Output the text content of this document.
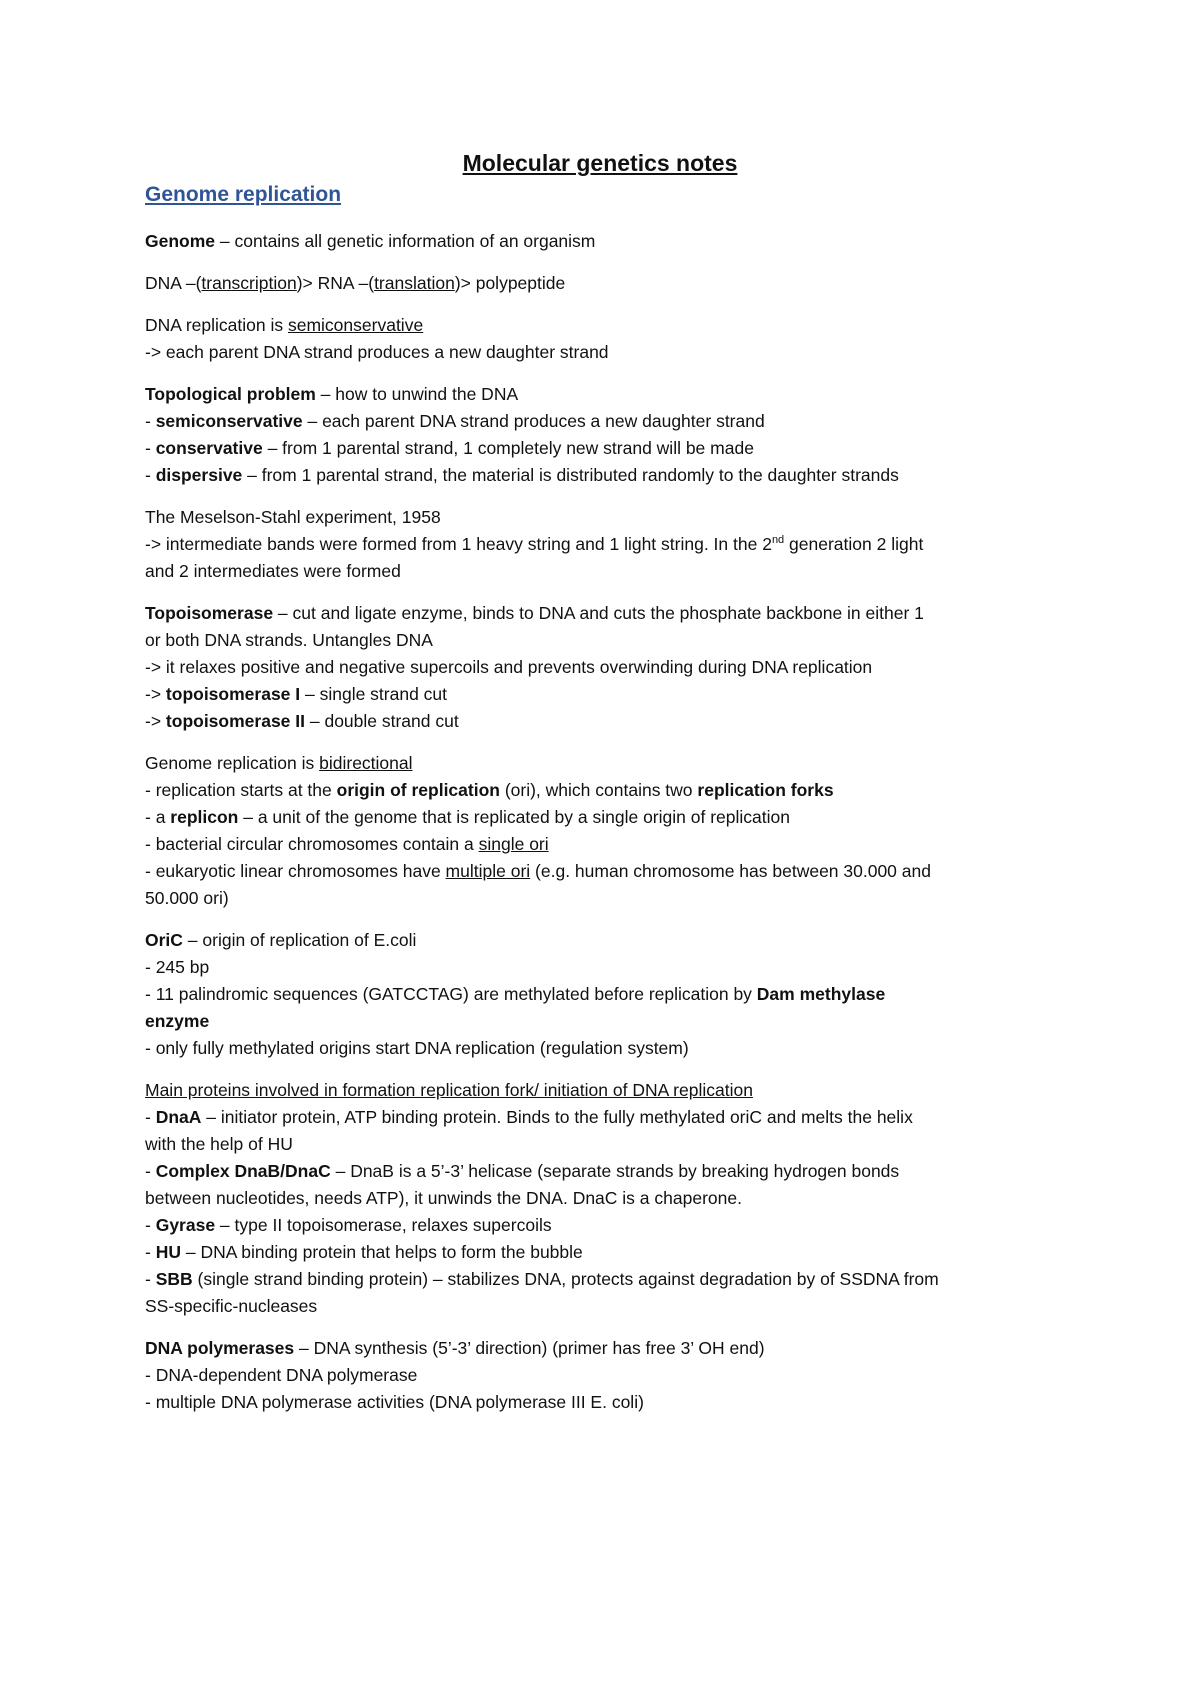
Molecular genetics notes
Genome replication
Genome – contains all genetic information of an organism
DNA –(transcription)> RNA –(translation)> polypeptide
DNA replication is semiconservative
-> each parent DNA strand produces a new daughter strand
Topological problem – how to unwind the DNA
- semiconservative – each parent DNA strand produces a new daughter strand
- conservative – from 1 parental strand, 1 completely new strand will be made
- dispersive – from 1 parental strand, the material is distributed randomly to the daughter strands
The Meselson-Stahl experiment, 1958
-> intermediate bands were formed from 1 heavy string and 1 light string. In the 2nd generation 2 light
and 2 intermediates were formed
Topoisomerase – cut and ligate enzyme, binds to DNA and cuts the phosphate backbone in either 1
or both DNA strands. Untangles DNA
-> it relaxes positive and negative supercoils and prevents overwinding during DNA replication
-> topoisomerase I – single strand cut
-> topoisomerase II – double strand cut
Genome replication is bidirectional
- replication starts at the origin of replication (ori), which contains two replication forks
- a replicon – a unit of the genome that is replicated by a single origin of replication
- bacterial circular chromosomes contain a single ori
- eukaryotic linear chromosomes have multiple ori (e.g. human chromosome has between 30.000 and
50.000 ori)
OriC – origin of replication of E.coli
- 245 bp
- 11 palindromic sequences (GATCCTAG) are methylated before replication by Dam methylase
enzyme
- only fully methylated origins start DNA replication (regulation system)
Main proteins involved in formation replication fork/ initiation of DNA replication
- DnaA – initiator protein, ATP binding protein. Binds to the fully methylated oriC and melts the helix
with the help of HU
- Complex DnaB/DnaC – DnaB is a 5’-3’ helicase (separate strands by breaking hydrogen bonds
between nucleotides, needs ATP), it unwinds the DNA. DnaC is a chaperone.
- Gyrase – type II topoisomerase, relaxes supercoils
- HU – DNA binding protein that helps to form the bubble
- SBB (single strand binding protein) – stabilizes DNA, protects against degradation by of SSDNA from
SS-specific-nucleases
DNA polymerases – DNA synthesis (5’-3’ direction) (primer has free 3’ OH end)
- DNA-dependent DNA polymerase
- multiple DNA polymerase activities (DNA polymerase III E. coli)
